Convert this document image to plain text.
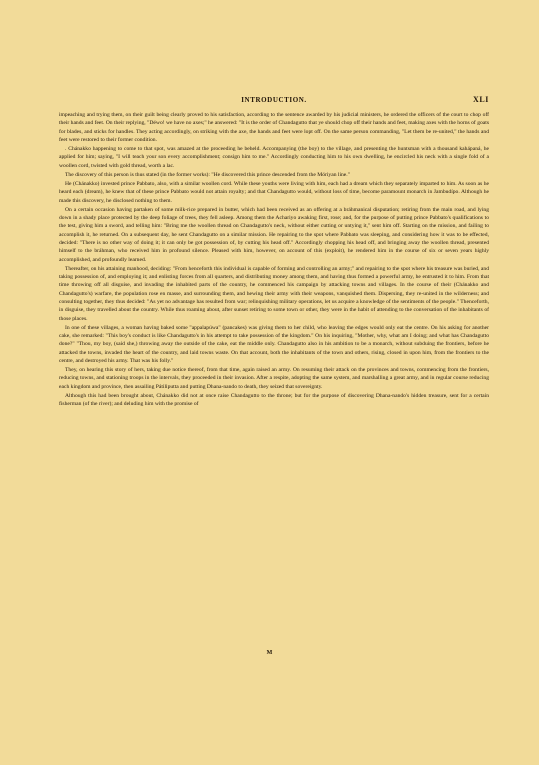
INTRODUCTION.	XLI

impeaching and trying them, on their guilt being clearly proved to his satisfaction, according to the sentence awarded by his judicial ministers, he ordered the officers of the court to chop off their hands and feet. On their replying, "Déwo! we have no axes;" he answered: "It is the order of Chandagutto that ye should chop off their hands and feet, making axes with the horns of goats for blades, and sticks for handles. They acting accordingly, on striking with the axe, the hands and feet were lopt off. On the same person commanding, "Let them be re-united," the hands and feet were restored to their former condition.

. Chánakko happening to come to that spot, was amazed at the proceeding he beheld. Accompanying (the boy) to the village, and presenting the huntsman with a thousand kahápaná, he applied for him; saying, "I will teach your son every accomplishment; consign him to me." Accordingly conducting him to his own dwelling, he encircled his neck with a single fold of a woollen cord, twisted with gold thread, worth a lac.

The discovery of this person is thus stated (in the former works): "He discovered this prince descended from the Móriyan line."

He (Chánakko) invested prince Pabbato, also, with a similar woollen cord. While these youths were living with him, each had a dream which they separately imparted to him. As soon as he heard each (dream), he knew that of these prince Pabbato would not attain royalty; and that Chandagutto would, without loss of time, become paramount monarch in Jambudípo. Although he made this discovery, he disclosed nothing to them.

On a certain occasion having partaken of some milk-rice prepared in butter, which had been received as an offering at a bráhmanical disputation; retiring from the main road, and lying down in a shady place protected by the deep foliage of trees, they fell asleep. Among them the Achariyo awaking first, rose; and, for the purpose of putting prince Pabbato's qualifications to the test, giving him a sword, and telling him: "Bring me the woollen thread on Chandagutto's neck, without either cutting or untying it," sent him off. Starting on the mission, and failing to accomplish it, he returned. On a subsequent day, he sent Chandagutto on a similar mission. He repairing to the spot where Pabbato was sleeping, and considering how it was to be effected, decided: "There is no other way of doing it; it can only be got possession of, by cutting his head off." Accordingly chopping his head off, and bringing away the woollen thread, presented himself to the bráhman, who received him in profound silence. Pleased with him, however, on account of this (exploit), he rendered him in the course of six or seven years highly accomplished, and profoundly learned.

Thereafter, on his attaining manhood, deciding: "From henceforth this individual is capable of forming and controlling an army;" and repairing to the spot where his treasure was buried, and taking possession of, and employing it; and enlisting forces from all quarters, and distributing money among them, and having thus formed a powerful army, he entrusted it to him. From that time throwing off all disguise, and invading the inhabited parts of the country, he commenced his campaign by attacking towns and villages. In the course of their (Chánakko and Chandagutto's) warfare, the population rose en masse, and surrounding them, and hewing their army with their weapons, vanquished them. Dispersing, they re-united in the wilderness; and consulting together, they thus decided: "As yet no advantage has resulted from war; relinquishing military operations, let us acquire a knowledge of the sentiments of the people." Thenceforth, in disguise, they travelled about the country. While thus roaming about, after sunset retiring to some town or other, they were in the habit of attending to the conversation of the inhabitants of those places.

In one of these villages, a woman having baked some "appalapúwa" (pancakes) was giving them to her child, who leaving the edges would only eat the centre. On his asking for another cake, she remarked: "This boy's conduct is like Chandagutto's in his attempt to take possession of the kingdom." On his inquiring, "Mother, why, what am I doing; and what has Chandagutto done?" "Thou, my boy, (said she,) throwing away the outside of the cake, eat the middle only. Chandagutto also in his ambition to be a monarch, without subduing the frontiers, before he attacked the towns, invaded the heart of the country, and laid towns waste. On that account, both the inhabitants of the town and others, rising, closed in upon him, from the frontiers to the centre, and destroyed his army. That was his folly."

They, on hearing this story of hers, taking due notice thereof, from that time, again raised an army. On resuming their attack on the provinces and towns, commencing from the frontiers, reducing towns, and stationing troops in the intervals, they proceeded in their invasion. After a respite, adopting the same system, and marshalling a great army, and in regular course reducing each kingdom and province, then assailing Pátiliputta and putting Dhana-nando to death, they seized that sovereignty.

Although this had been brought about, Chánakko did not at once raise Chandagutto to the throne; but for the purpose of discovering Dhana-nando's hidden treasure, sent for a certain fisherman (of the river); and deluding him with the promise of

M
